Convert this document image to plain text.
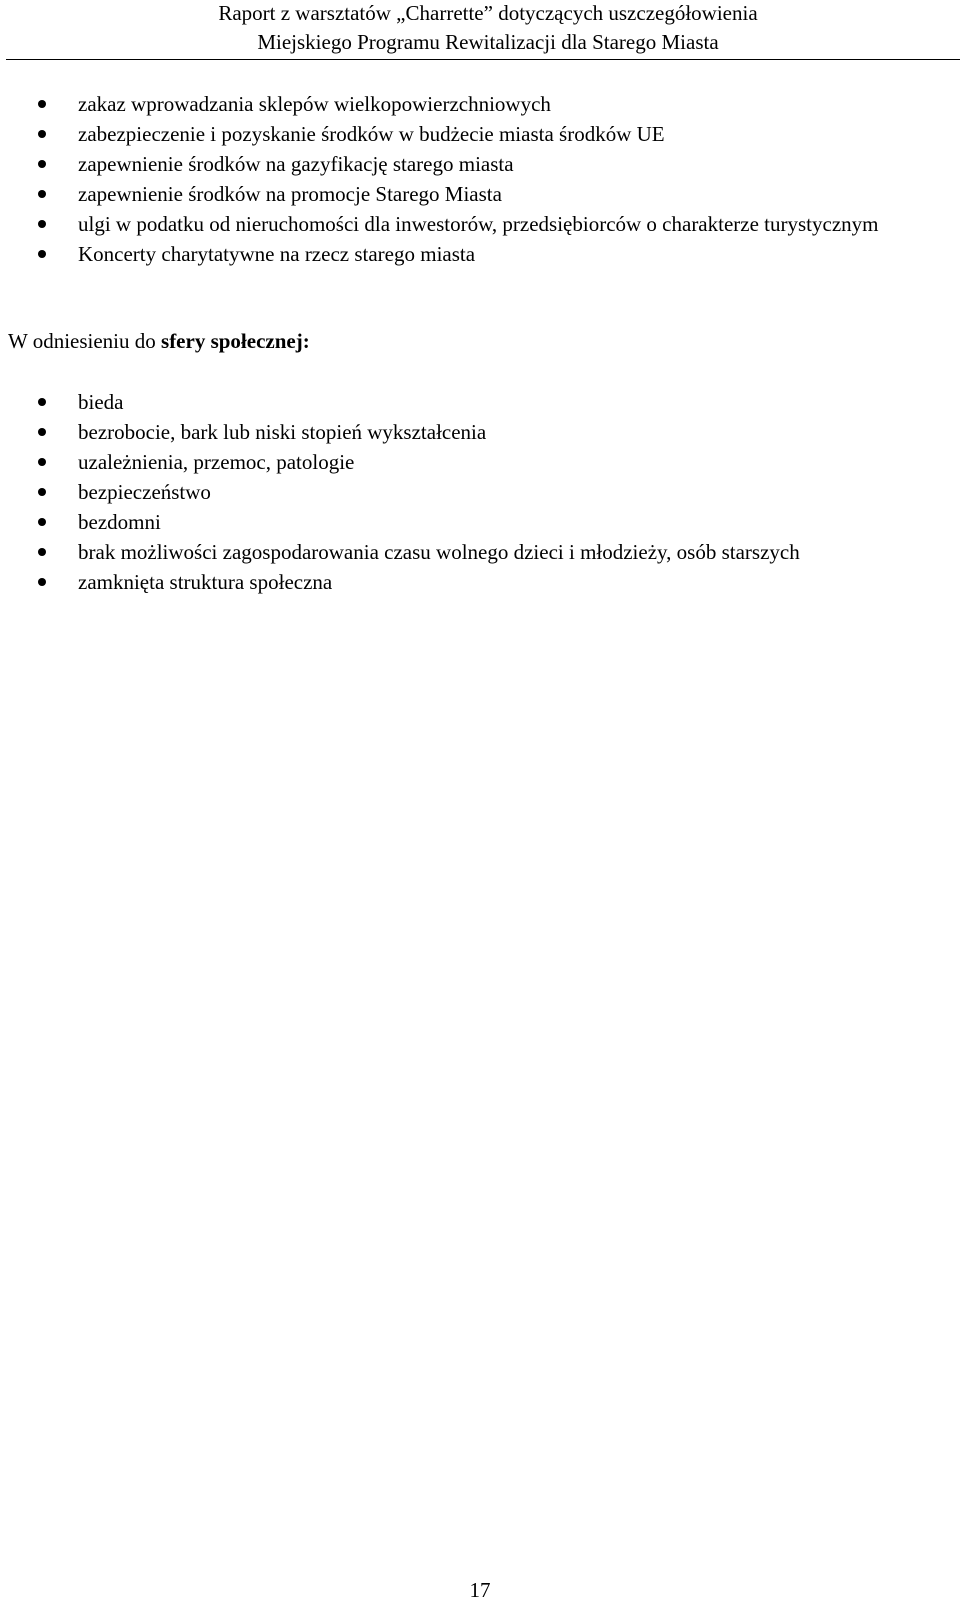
Raport z warsztatów „Charrette” dotyczących uszczegółowienia
Miejskiego Programu Rewitalizacji dla Starego Miasta
zakaz wprowadzania sklepów wielkopowierzchniowych
zabezpieczenie i pozyskanie środków w budżecie miasta środków UE
zapewnienie środków na gazyfikację starego miasta
zapewnienie środków na promocje Starego Miasta
ulgi w podatku od nieruchomości dla inwestorów, przedsiębiorców o charakterze turystycznym
Koncerty charytatywne na rzecz starego miasta
W odniesieniu do sfery społecznej:
bieda
bezrobocie, bark lub niski stopień wykształcenia
uzależnienia, przemoc, patologie
bezpieczeństwo
bezdomni
brak możliwości zagospodarowania czasu wolnego dzieci i młodzieży, osób starszych
zamknięta struktura społeczna
17
